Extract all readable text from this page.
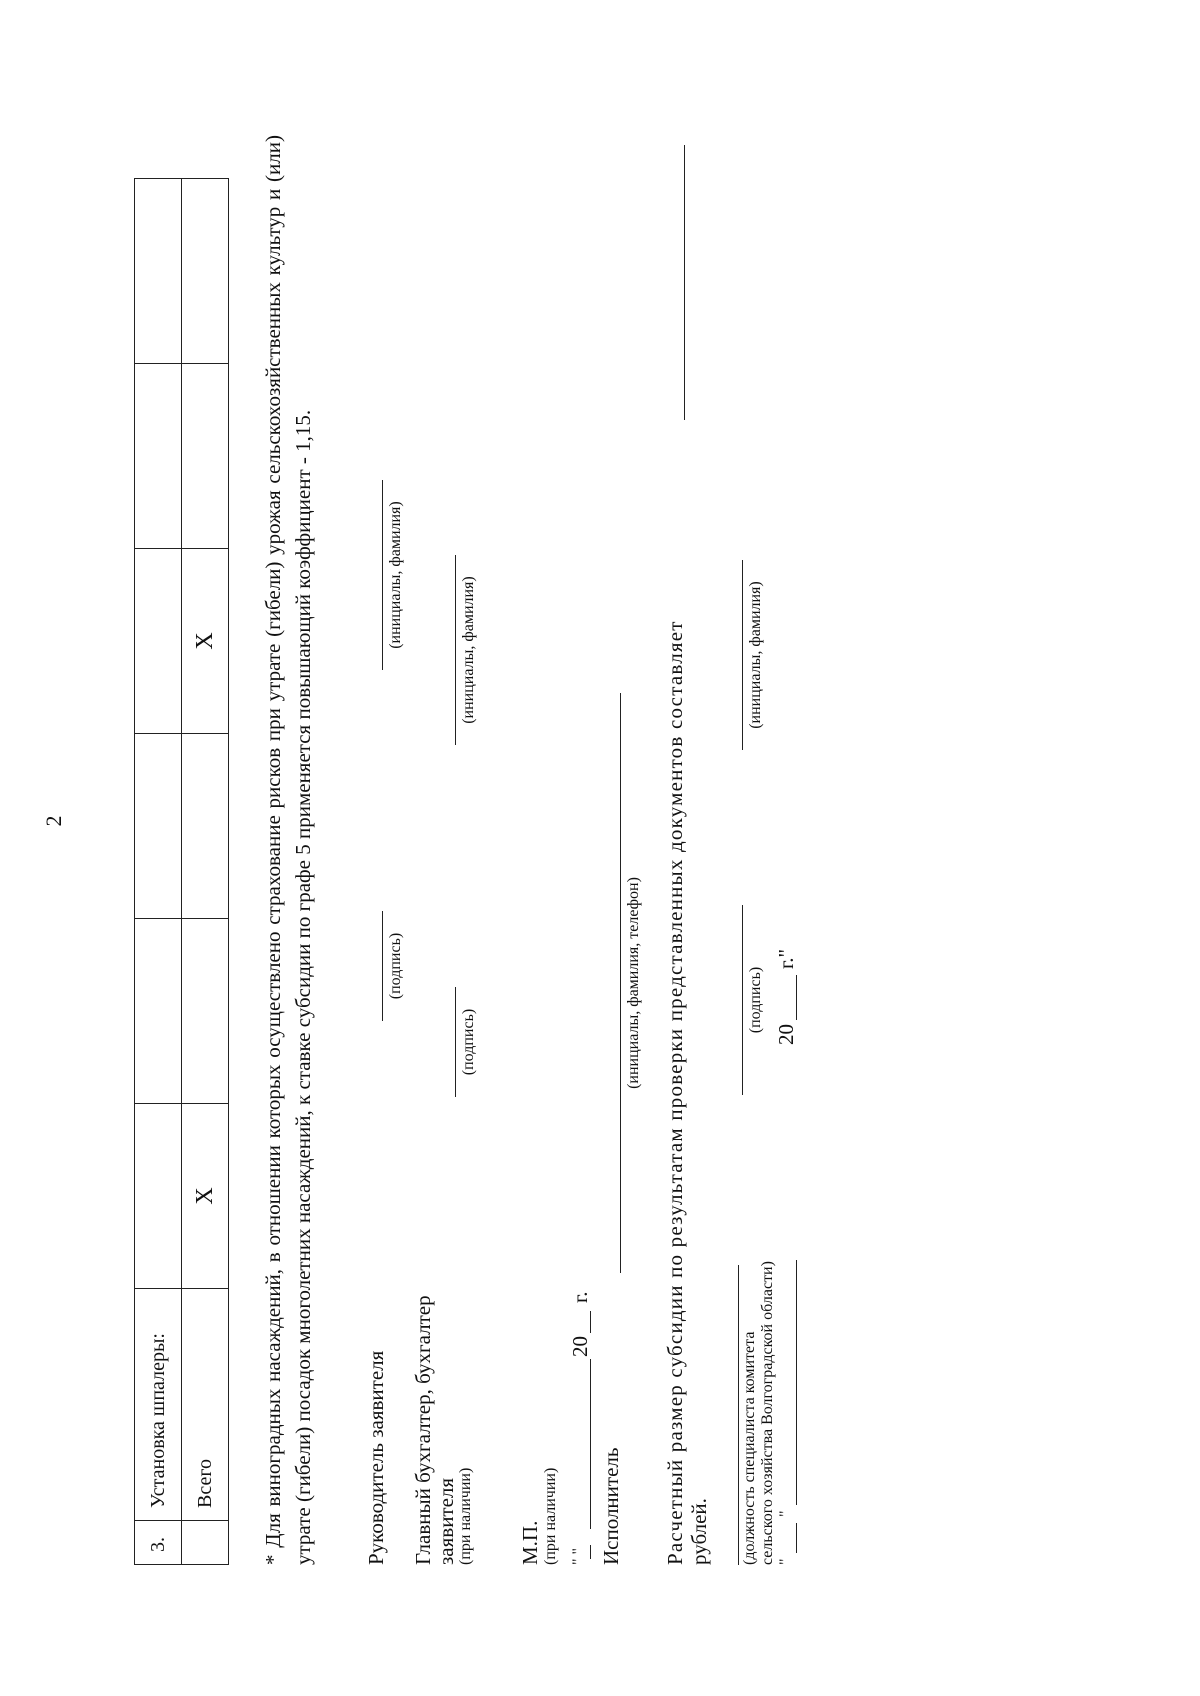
2
3.	Установка шпалеры:						
	Всего	X			X		* Для виноградных насаждений, в отношении которых осуществлено страхование рисков при утрате (гибели) урожая сельскохозяйственных культур и (или) утрате (гибели) посадок многолетних насаждений, к ставке субсидии по графе 5 применяется повышающий коэффициент - 1,15. Руководитель заявителя
(подпись)
(инициалы, фамилия)
Главный бухгалтер, бухгалтер заявителя (при наличии)
(подпись)
(инициалы, фамилия)
М.П. (при наличии) " "
20
г.
Исполнитель
(инициалы, фамилия, телефон) Расчетный размер субсидии по результатам проверки представленных документов составляет рублей. (должность специалиста комитета сельского хозяйства Волгоградской области)
(подпись)
(инициалы, фамилия)
"
"
20
г."
